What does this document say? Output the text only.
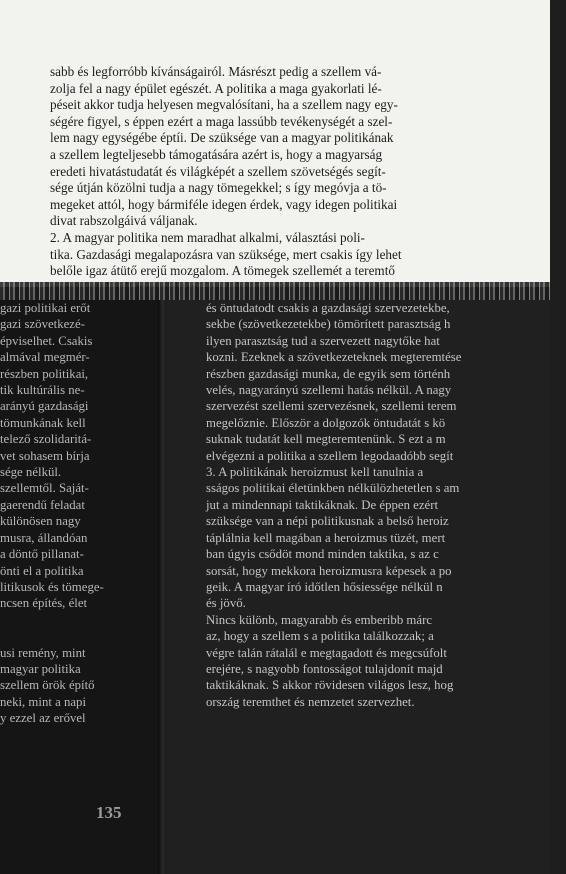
sabb és legforróbb kívánságairól. Másrészt pedig a szellem vá-
zolja fel a nagy épület egészét. A politika a maga gyakorlati lé-
péseit akkor tudja helyesen megvalósítani, ha a szellem nagy egy-
ségére figyel, s éppen ezért a maga lassúbb tevékenységét a szel-
lem nagy egységébe éptíi. De szüksége van a magyar politikának
a szellem legteljesebb támogatására azért is, hogy a magyarság
eredeti hivatástudatát és világképét a szellem szövetségés segít-
sége útján közölni tudja a nagy tömegekkel; s így megóvja a tö-
megeket attól, hogy bármiféle idegen érdek, vagy idegen politikai
divat rabszolgáivá váljanak.
2. A magyar politika nem maradhat alkalmi, választási poli-
tika. Gazdasági megalapozásra van szüksége, mert csakis így lehet
belőle igaz átütő erejű mozgalom. A tömegek szellemét a teremtő

gazi politikai erőt
gazi szövetkezé-
épviselhet. Csakis
almával megmér-
részben politikai,
tik kultúrális ne-
arányú gazdasági
tömunkának kell
telező szolidaritá-
vet sohasem bírja
sége nélkül.
szellemtől. Saját-
gaerendű feladat
különösen nagy
musra, állandóan
a döntő pillanat-
önti el a politika
litikusok és tömege-
ncsen építés, élet

usi remény, mint
magyar politika
szellem örök építő
neki, mint a napi
y ezzel az erővel
135
és öntudatodt csakis a gazdasági szervezetekbe,
sekbe (szövetkezetekbe) tömörített parasztság h
ilyen parasztság tud a szervezett nagytőke hat
kozni. Ezeknek a szövetkezeteknek megteremtése
részben gazdasági munka, de egyik sem történh
velés, nagyarányú szellemi hatás nélkül. A nagy
szervezést szellemi szervezésnek, szellemi terem
megelőznie. Először a dolgozók öntudatát s kö
suknak tudatát kell megteremtenünk. S ezt a m
elvégezni a politika a szellem legodaadóbb segít
3. A politikának heroizmust kell tanulnia a
sságos politikai életünkben nélkülözhetetlen s am
jut a mindennapi taktikáknak. De éppen ezért
szüksége van a népi politikusnak a belső heroiz
táplálnia kell magában a heroizmus tüzét, mert
ban úgyis csődöt mond minden taktika, s az c
sorsát, hogy mekkora heroizmusra képesek a po
geik. A magyar író időtlen hősiessége nélkül n
és jövő.
Nincs különb, magyarabb és emberibb márc
az, hogy a szellem s a politika találkozzak; a
végre talán rátalál e megtagadott és megcsúfolt
erejére, s nagyobb fontosságot tulajdonít majd
taktikáknak. S akkor rövidesen világos lesz, hog
ország teremthet és nemzetet szervezhet.
